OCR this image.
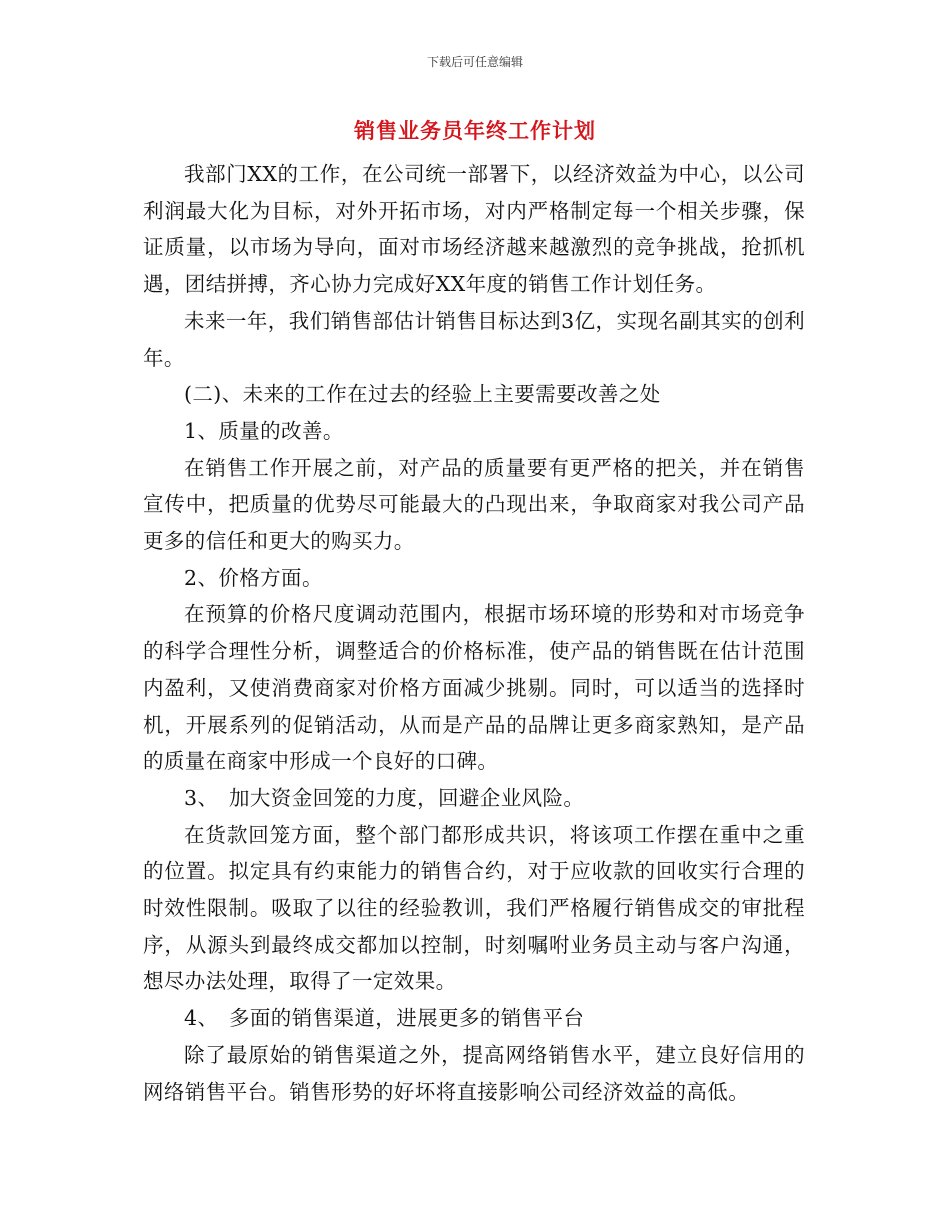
下载后可任意编辑
销售业务员年终工作计划

我部门XX的工作，在公司统一部署下，以经济效益为中心，以公司利润最大化为目标，对外开拓市场，对内严格制定每一个相关步骤，保证质量，以市场为导向，面对市场经济越来越激烈的竞争挑战，抢抓机遇，团结拼搏，齐心协力完成好XX年度的销售工作计划任务。

未来一年，我们销售部估计销售目标达到3亿，实现名副其实的创利年。

(二)、未来的工作在过去的经验上主要需要改善之处

1、质量的改善。

在销售工作开展之前，对产品的质量要有更严格的把关，并在销售宣传中，把质量的优势尽可能最大的凸现出来，争取商家对我公司产品更多的信任和更大的购买力。

2、价格方面。

在预算的价格尺度调动范围内，根据市场环境的形势和对市场竞争的科学合理性分析，调整适合的价格标准，使产品的销售既在估计范围内盈利，又使消费商家对价格方面减少挑剔。同时，可以适当的选择时机，开展系列的促销活动，从而是产品的品牌让更多商家熟知，是产品的质量在商家中形成一个良好的口碑。

3、　加大资金回笼的力度，回避企业风险。

在货款回笼方面，整个部门都形成共识，将该项工作摆在重中之重的位置。拟定具有约束能力的销售合约，对于应收款的回收实行合理的时效性限制。吸取了以往的经验教训，我们严格履行销售成交的审批程序，从源头到最终成交都加以控制，时刻嘱咐业务员主动与客户沟通，想尽办法处理，取得了一定效果。

4、　多面的销售渠道，进展更多的销售平台

除了最原始的销售渠道之外，提高网络销售水平，建立良好信用的网络销售平台。销售形势的好坏将直接影响公司经济效益的高低。
